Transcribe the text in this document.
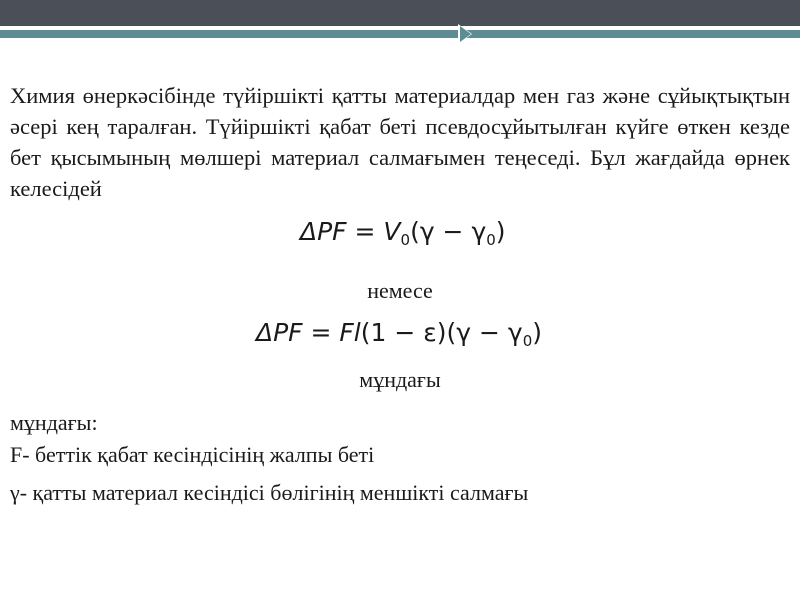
Химия өнеркәсібінде түйіршікті қатты материалдар мен газ және сұйықтықтын әсері кең таралған. Түйіршікті қабат беті псевдосұйытылған күйге өткен кезде бет қысымының мөлшері материал салмағымен теңеседі. Бұл жағдайда өрнек келесідей
$\Delta PF = V_0(\gamma - \gamma_0)$
немесе
$\Delta PF = Fl(1 - \varepsilon)(\gamma - \gamma_0)$
мұндағы
мұндағы:
F- беттік қабат кесіндісінің жалпы беті
γ- қатты материал кесіндісі бөлігінің меншікті салмағы
